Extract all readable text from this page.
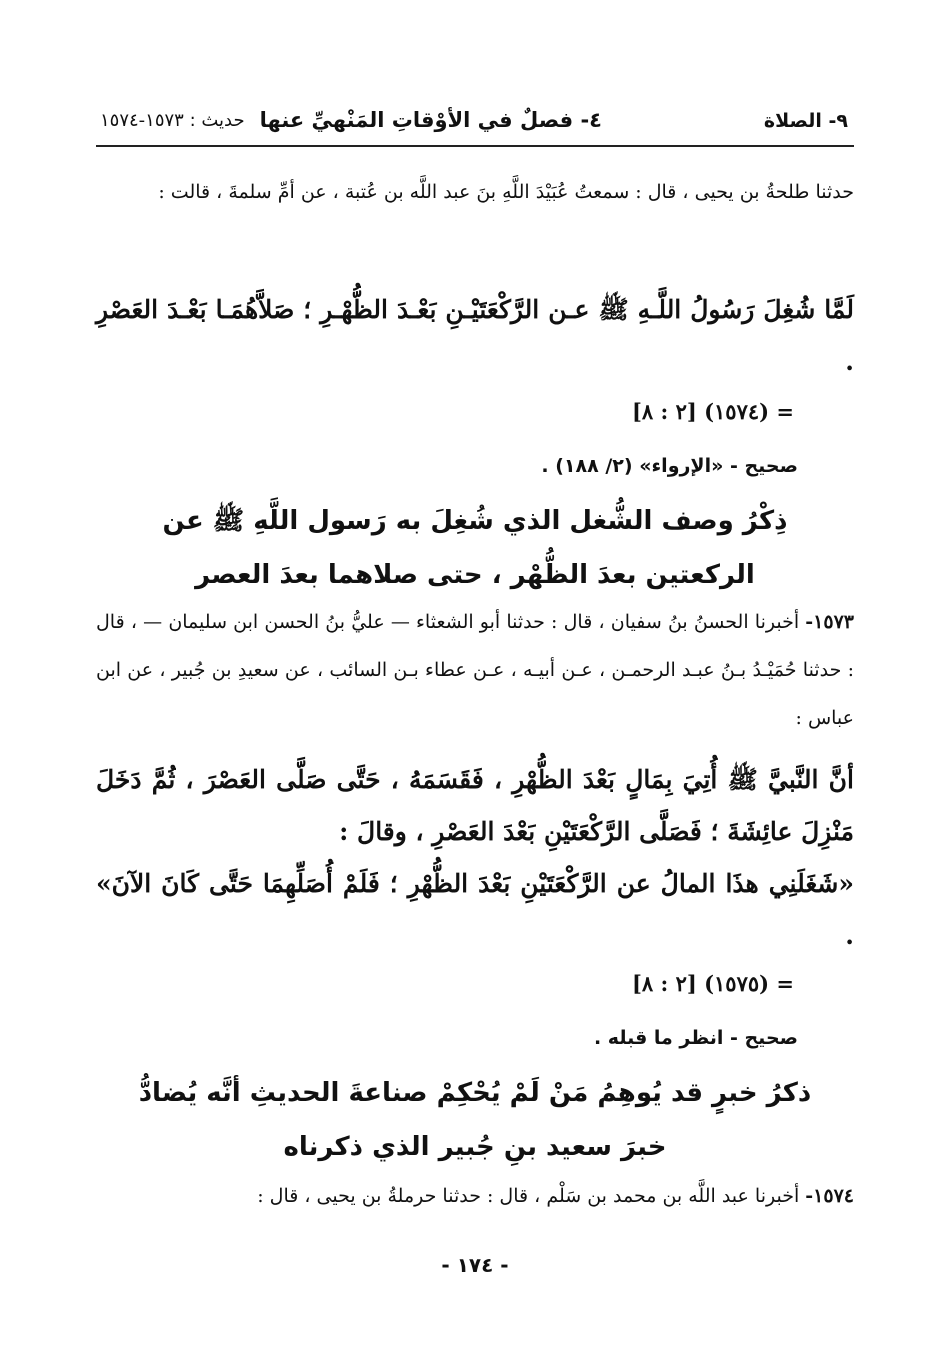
٩- الصلاة
٤- فصلٌ في الأوْقاتِ المَنْهيِّ عنها
حديث : ١٥٧٣-١٥٧٤

حدثنا طلحةُ بن يحيى ، قال : سمعتُ عُبَيْدَ اللَّهِ بنَ عبد اللَّه بن عُتبة ، عن أمِّ سلمةَ ، قالت :

لَمَّا شُغِلَ رَسُولُ اللَّـهِ ﷺ عـن الرَّكْعَتَيْـنِ بَعْـدَ الظُّهْـرِ ؛ صَلاَّهُمَـا بَعْـدَ العَصْرِ .

= (١٥٧٤) [٢ : ٨]

صحيح - «الإرواء» (٢/ ١٨٨) .

ذِكْرُ وصف الشُّغل الذي شُغِلَ به رَسول اللَّهِ ﷺ عن
الركعتين بعدَ الظُّهْر ، حتى صلاهما بعدَ العصر

١٥٧٣- أخبرنا الحسنُ بنُ سفيان ، قال : حدثنا أبو الشعثاء — عليُّ بنُ الحسن ابن سليمان — ، قال : حدثنا حُمَيْـدُ بـنُ عبـد الرحمـن ، عـن أبيـه ، عـن عطاء بـن السائب ، عن سعيدِ بن جُبير ، عن ابن عباس :

أنَّ النَّبيَّ ﷺ أُتِيَ بِمَالٍ بَعْدَ الظُّهْرِ ، فَقَسَمَهُ ، حَتَّى صَلَّى العَصْرَ ، ثُمَّ دَخَلَ مَنْزِلَ عائِشَةَ ؛ فَصَلَّى الرَّكْعَتَيْنِ بَعْدَ العَصْرِ ، وقالَ :

«شَغَلَنِي هذَا المالُ عن الرَّكْعَتَيْنِ بَعْدَ الظُّهْرِ ؛ فَلَمْ أُصَلِّهِمَا حَتَّى كَانَ الآنَ» .

= (١٥٧٥) [٢ : ٨]

صحيح - انظر ما قبله .

ذكرُ خبرٍ قد يُوهِمُ مَنْ لَمْ يُحْكِمْ صناعةَ الحديثِ أنَّه يُضادُّ
خبرَ سعيد بنِ جُبير الذي ذكرناه

١٥٧٤- أخبرنا عبد اللَّه بن محمد بن سَلْم ، قال : حدثنا حرملةُ بن يحيى ، قال :

- ١٧٤ -
